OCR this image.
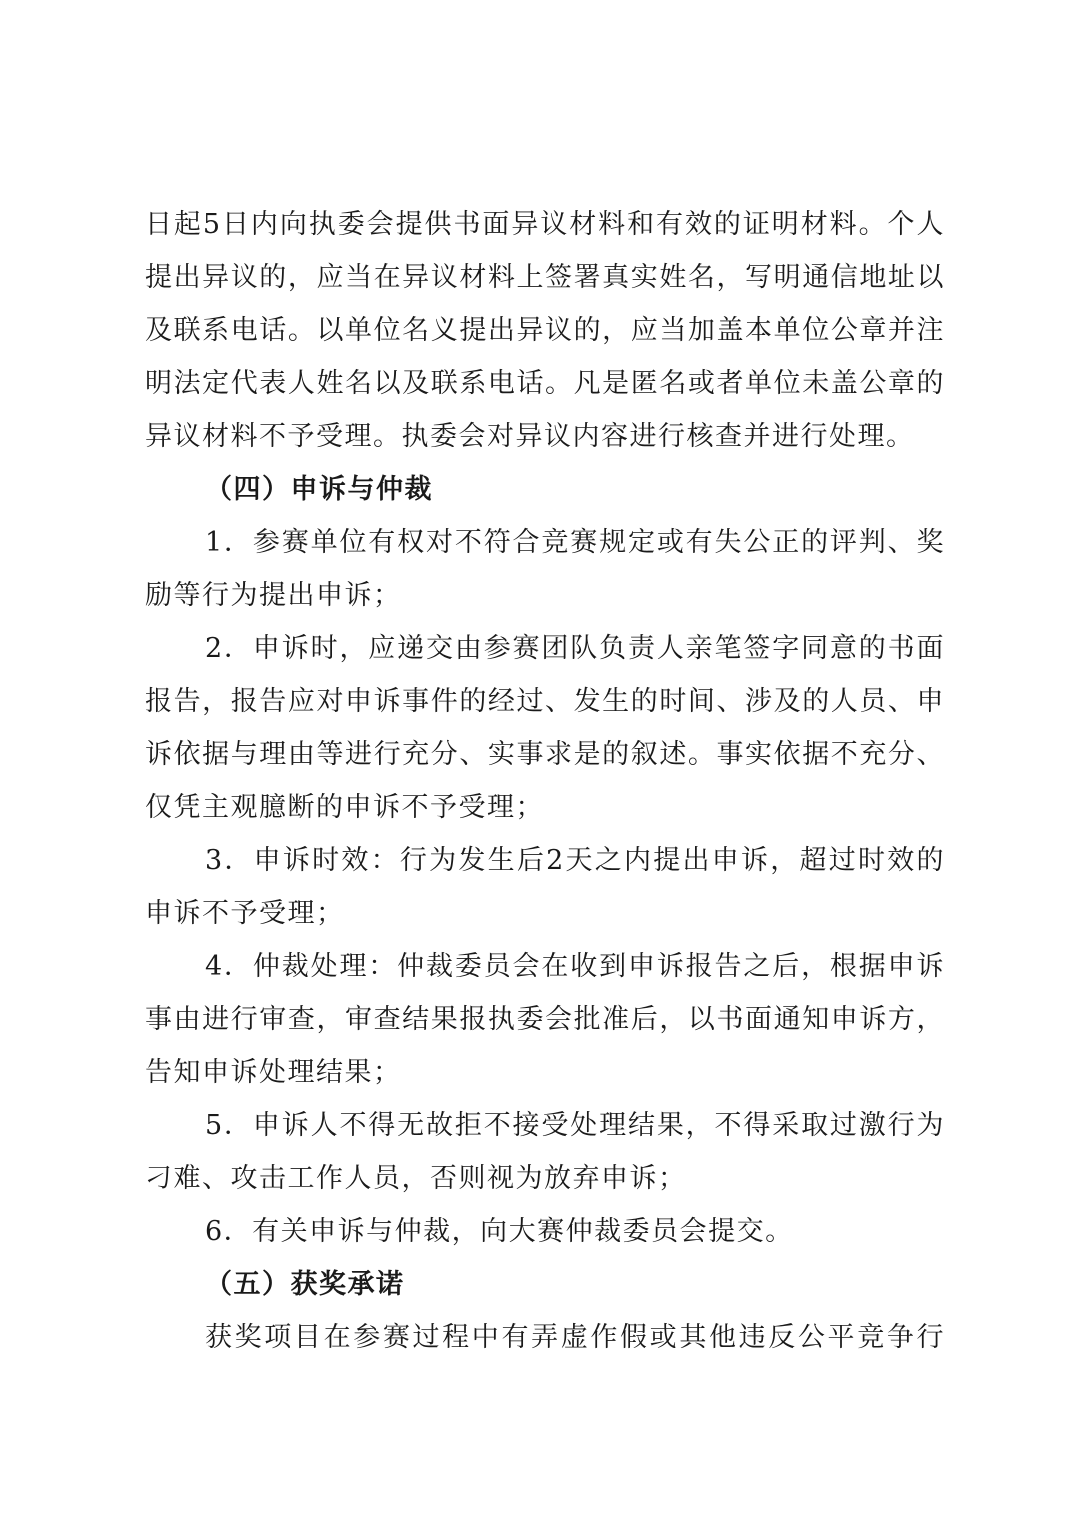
日起5日内向执委会提供书面异议材料和有效的证明材料。个人
提出异议的，应当在异议材料上签署真实姓名，写明通信地址以
及联系电话。以单位名义提出异议的，应当加盖本单位公章并注
明法定代表人姓名以及联系电话。凡是匿名或者单位未盖公章的
异议材料不予受理。执委会对异议内容进行核查并进行处理。
（四）申诉与仲裁
1．参赛单位有权对不符合竞赛规定或有失公正的评判、奖
励等行为提出申诉；
2．申诉时，应递交由参赛团队负责人亲笔签字同意的书面
报告，报告应对申诉事件的经过、发生的时间、涉及的人员、申
诉依据与理由等进行充分、实事求是的叙述。事实依据不充分、
仅凭主观臆断的申诉不予受理；
3．申诉时效：行为发生后2天之内提出申诉，超过时效的
申诉不予受理；
4．仲裁处理：仲裁委员会在收到申诉报告之后，根据申诉
事由进行审查，审查结果报执委会批准后，以书面通知申诉方，
告知申诉处理结果；
5．申诉人不得无故拒不接受处理结果，不得采取过激行为
刁难、攻击工作人员，否则视为放弃申诉；
6．有关申诉与仲裁，向大赛仲裁委员会提交。
（五）获奖承诺
获奖项目在参赛过程中有弄虚作假或其他违反公平竞争行
